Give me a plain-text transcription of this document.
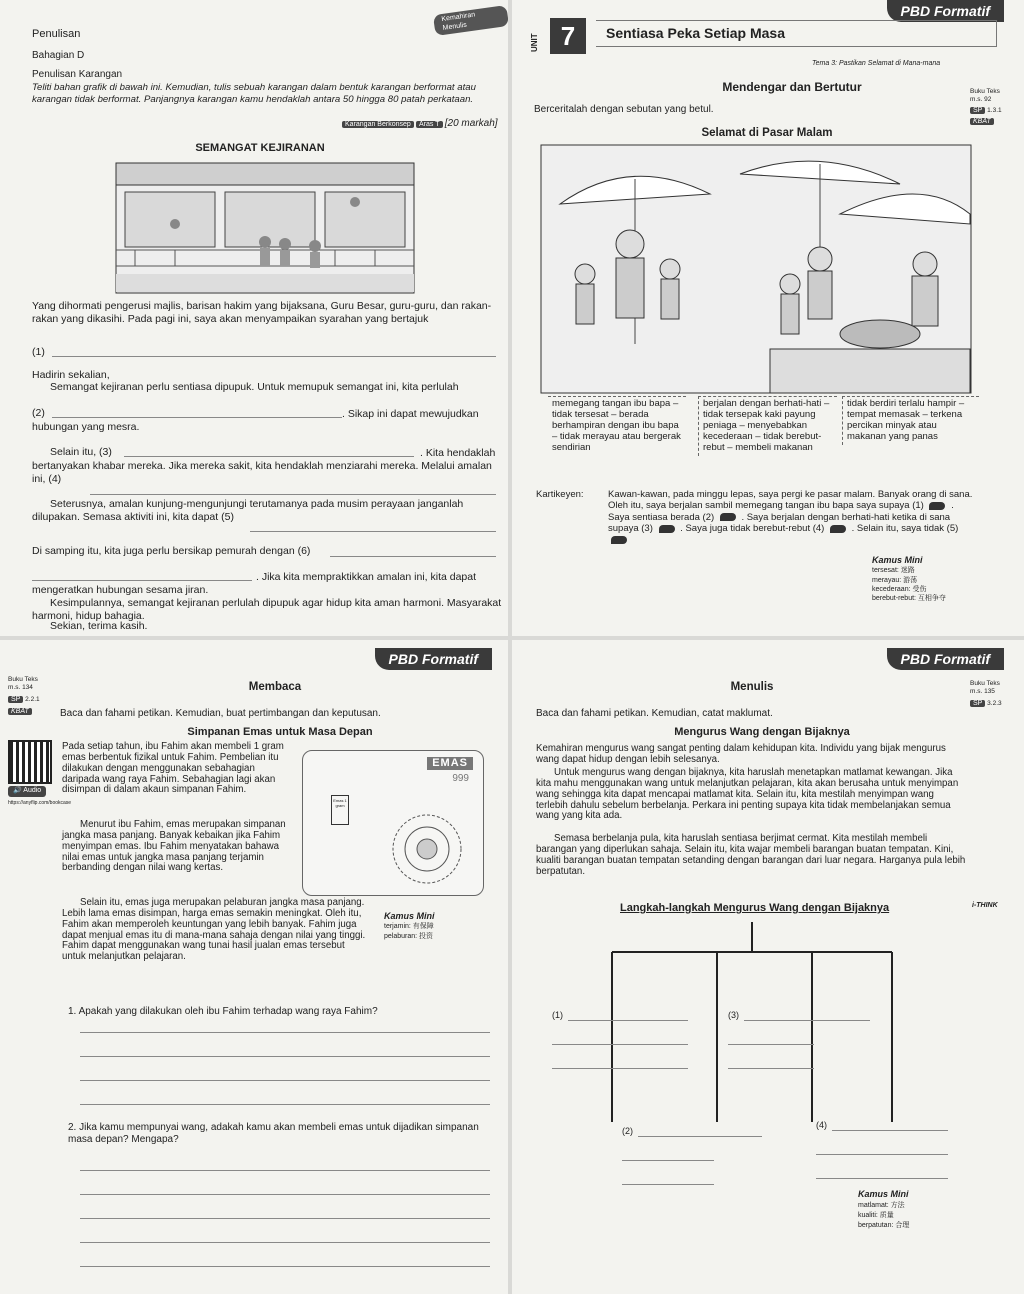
Kemahiran Menulis
Penulisan
Bahagian D
Penulisan Karangan
Teliti bahan grafik di bawah ini. Kemudian, tulis sebuah karangan dalam bentuk karangan berformat atau karangan tidak berformat. Panjangnya karangan kamu hendaklah antara 50 hingga 80 patah perkataan.
Karangan Berkonsep Aras T [20 markah]
SEMANGAT KEJIRANAN
Yang dihormati pengerusi majlis, barisan hakim yang bijaksana, Guru Besar, guru-guru, dan rakan-rakan yang dikasihi. Pada pagi ini, saya akan menyampaikan syarahan yang bertajuk
(1)
Hadirin sekalian,
Semangat kejiranan perlu sentiasa dipupuk. Untuk memupuk semangat ini, kita perlulah
(2)	. Sikap ini dapat mewujudkan hubungan yang mesra.
Selain itu, (3)	. Kita hendaklah bertanyakan khabar mereka. Jika mereka sakit, kita hendaklah menziarahi mereka. Melalui amalan ini, (4)
Seterusnya, amalan kunjung-mengunjungi terutamanya pada musim perayaan janganlah dilupakan. Semasa aktiviti ini, kita dapat (5)
Di samping itu, kita juga perlu bersikap pemurah dengan (6)
. Jika kita mempraktikkan amalan ini, kita dapat mengeratkan hubungan sesama jiran.
Kesimpulannya, semangat kejiranan perlulah dipupuk agar hidup kita aman harmoni. Masyarakat harmoni, hidup bahagia.
Sekian, terima kasih.
PBD Formatif
UNIT 7	Sentiasa Peka Setiap Masa
Tema 3: Pastikan Selamat di Mana-mana
Mendengar dan Bertutur	Buku Teks
m.s. 92
SP 1.3.1
KBAT
Berceritalah dengan sebutan yang betul.
Selamat di Pasar Malam
memegang tangan ibu bapa – tidak tersesat – berada berhampiran dengan ibu bapa – tidak merayau atau bergerak sendirian
berjalan dengan berhati-hati – tidak tersepak kaki payung peniaga – menyebabkan kecederaan – tidak berebut-rebut – membeli makanan
tidak berdiri terlalu hampir – tempat memasak – terkena percikan minyak atau makanan yang panas
Kartikeyen:	Kawan-kawan, pada minggu lepas, saya pergi ke pasar malam. Banyak orang di sana. Oleh itu, saya berjalan sambil memegang tangan ibu bapa saya supaya (1)	. Saya sentiasa berada (2)	. Saya berjalan dengan berhati-hati ketika di sana supaya (3)	. Saya juga tidak berebut-rebut (4)	. Selain itu, saya tidak (5)
Kamus Mini
tersesat: 迷路
merayau: 游荡
kecederaan: 受伤
berebut-rebut: 互相争夺
PBD Formatif
Buku Teks
m.s. 134
SP 2.2.1
KBAT
🔊 Audio
https://anyflip.com/bookcase
Membaca
Baca dan fahami petikan. Kemudian, buat pertimbangan dan keputusan.
Simpanan Emas untuk Masa Depan
Pada setiap tahun, ibu Fahim akan membeli 1 gram emas berbentuk fizikal untuk Fahim. Pembelian itu dilakukan dengan menggunakan sebahagian daripada wang raya Fahim. Sebahagian lagi akan disimpan di dalam akaun simpanan Fahim.
Menurut ibu Fahim, emas merupakan simpanan jangka masa panjang. Banyak kebaikan jika Fahim menyimpan emas. Ibu Fahim menyatakan bahawa nilai emas untuk jangka masa panjang terjamin berbanding dengan nilai wang kertas.
Selain itu, emas juga merupakan pelaburan jangka masa panjang. Lebih lama emas disimpan, harga emas semakin meningkat. Oleh itu, Fahim akan memperoleh keuntungan yang lebih banyak. Fahim juga dapat menjual emas itu di mana-mana sahaja dengan nilai yang tinggi. Fahim dapat menggunakan wang tunai hasil jualan emas tersebut untuk melanjutkan pelajaran.
EMAS
999
Emas 1 gram
Kamus Mini
terjamin: 有保障
pelaburan: 投资
1. Apakah yang dilakukan oleh ibu Fahim terhadap wang raya Fahim?
2. Jika kamu mempunyai wang, adakah kamu akan membeli emas untuk dijadikan simpanan masa depan? Mengapa?
PBD Formatif
Menulis	Buku Teks
m.s. 135
SP 3.2.3
Baca dan fahami petikan. Kemudian, catat maklumat.
Mengurus Wang dengan Bijaknya
Kemahiran mengurus wang sangat penting dalam kehidupan kita. Individu yang bijak mengurus wang dapat hidup dengan lebih selesanya.
Untuk mengurus wang dengan bijaknya, kita haruslah menetapkan matlamat kewangan. Jika kita mahu menggunakan wang untuk melanjutkan pelajaran, kita akan berusaha untuk menyimpan wang sehingga kita dapat mencapai matlamat kita. Selain itu, kita mestilah menyimpan wang terlebih dahulu sebelum berbelanja. Perkara ini penting supaya kita tidak membelanjakan semua wang yang kita ada.
Semasa berbelanja pula, kita haruslah sentiasa berjimat cermat. Kita mestilah membeli barangan yang diperlukan sahaja. Selain itu, kita wajar membeli barangan buatan tempatan. Kini, kualiti barangan buatan tempatan setanding dengan barangan dari luar negara. Harganya pula lebih berpatutan.
Langkah-langkah Mengurus Wang dengan Bijaknya	i-THINK
(1)	(3)
(2)
(4)
Kamus Mini
matlamat: 方法
kualiti: 质量
berpatutan: 合理
